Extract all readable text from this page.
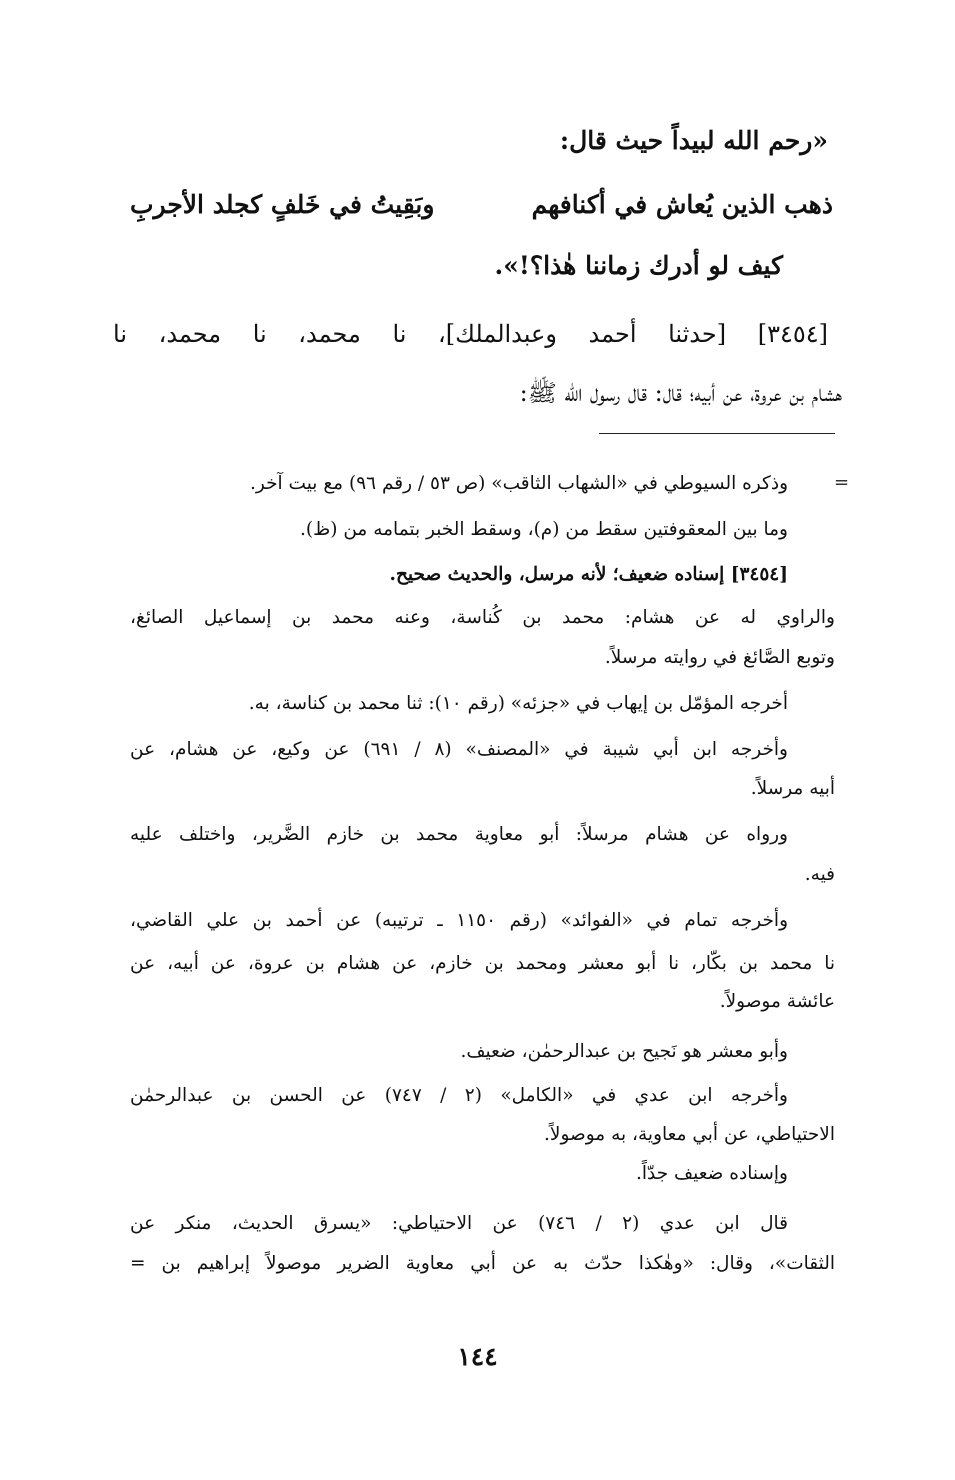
«رحم الله لبيداً حيث قال:
ذهب الذين يُعاش في أكنافهم
وبَقِيتُ في خَلفٍ كجلد الأجربِ
كيف لو أدرك زماننا هٰذا؟!».
[٣٤٥٤] [حدثنا أحمد وعبدالملك]، نا محمد، نا محمد، نا
هشام بن عروة، عن أبيه؛ قال: قال رسول الله ﷺ:
=
وذكره السيوطي في «الشهاب الثاقب» (ص ٥٣ / رقم ٩٦) مع بيت آخر.
وما بين المعقوفتين سقط من (م)، وسقط الخبر بتمامه من (ظ).
[٣٤٥٤] إسناده ضعيف؛ لأنه مرسل، والحديث صحيح.
والراوي له عن هشام: محمد بن كُناسة، وعنه محمد بن إسماعيل الصائغ،
وتوبع الصَّائغ في روايته مرسلاً.
أخرجه المؤمّل بن إيهاب في «جزئه» (رقم ١٠): ثنا محمد بن كناسة، به.
وأخرجه ابن أبي شيبة في «المصنف» (٨ / ٦٩١) عن وكيع، عن هشام، عن
أبيه مرسلاً.
ورواه عن هشام مرسلاً: أبو معاوية محمد بن خازم الضَّرير، واختلف عليه
فيه.
وأخرجه تمام في «الفوائد» (رقم ١١٥٠ ـ ترتيبه) عن أحمد بن علي القاضي،
نا محمد بن بكّار، نا أبو معشر ومحمد بن خازم، عن هشام بن عروة، عن أبيه، عن
عائشة موصولاً.
وأبو معشر هو نَجيح بن عبدالرحمٰن، ضعيف.
وأخرجه ابن عدي في «الكامل» (٢ / ٧٤٧) عن الحسن بن عبدالرحمٰن
الاحتياطي، عن أبي معاوية، به موصولاً.
وإسناده ضعيف جدّاً.
قال ابن عدي (٢ / ٧٤٦) عن الاحتياطي: «يسرق الحديث، منكر عن
الثقات»، وقال: «وهٰكذا حدّث به عن أبي معاوية الضرير موصولاً إبراهيم بن =
١٤٤
